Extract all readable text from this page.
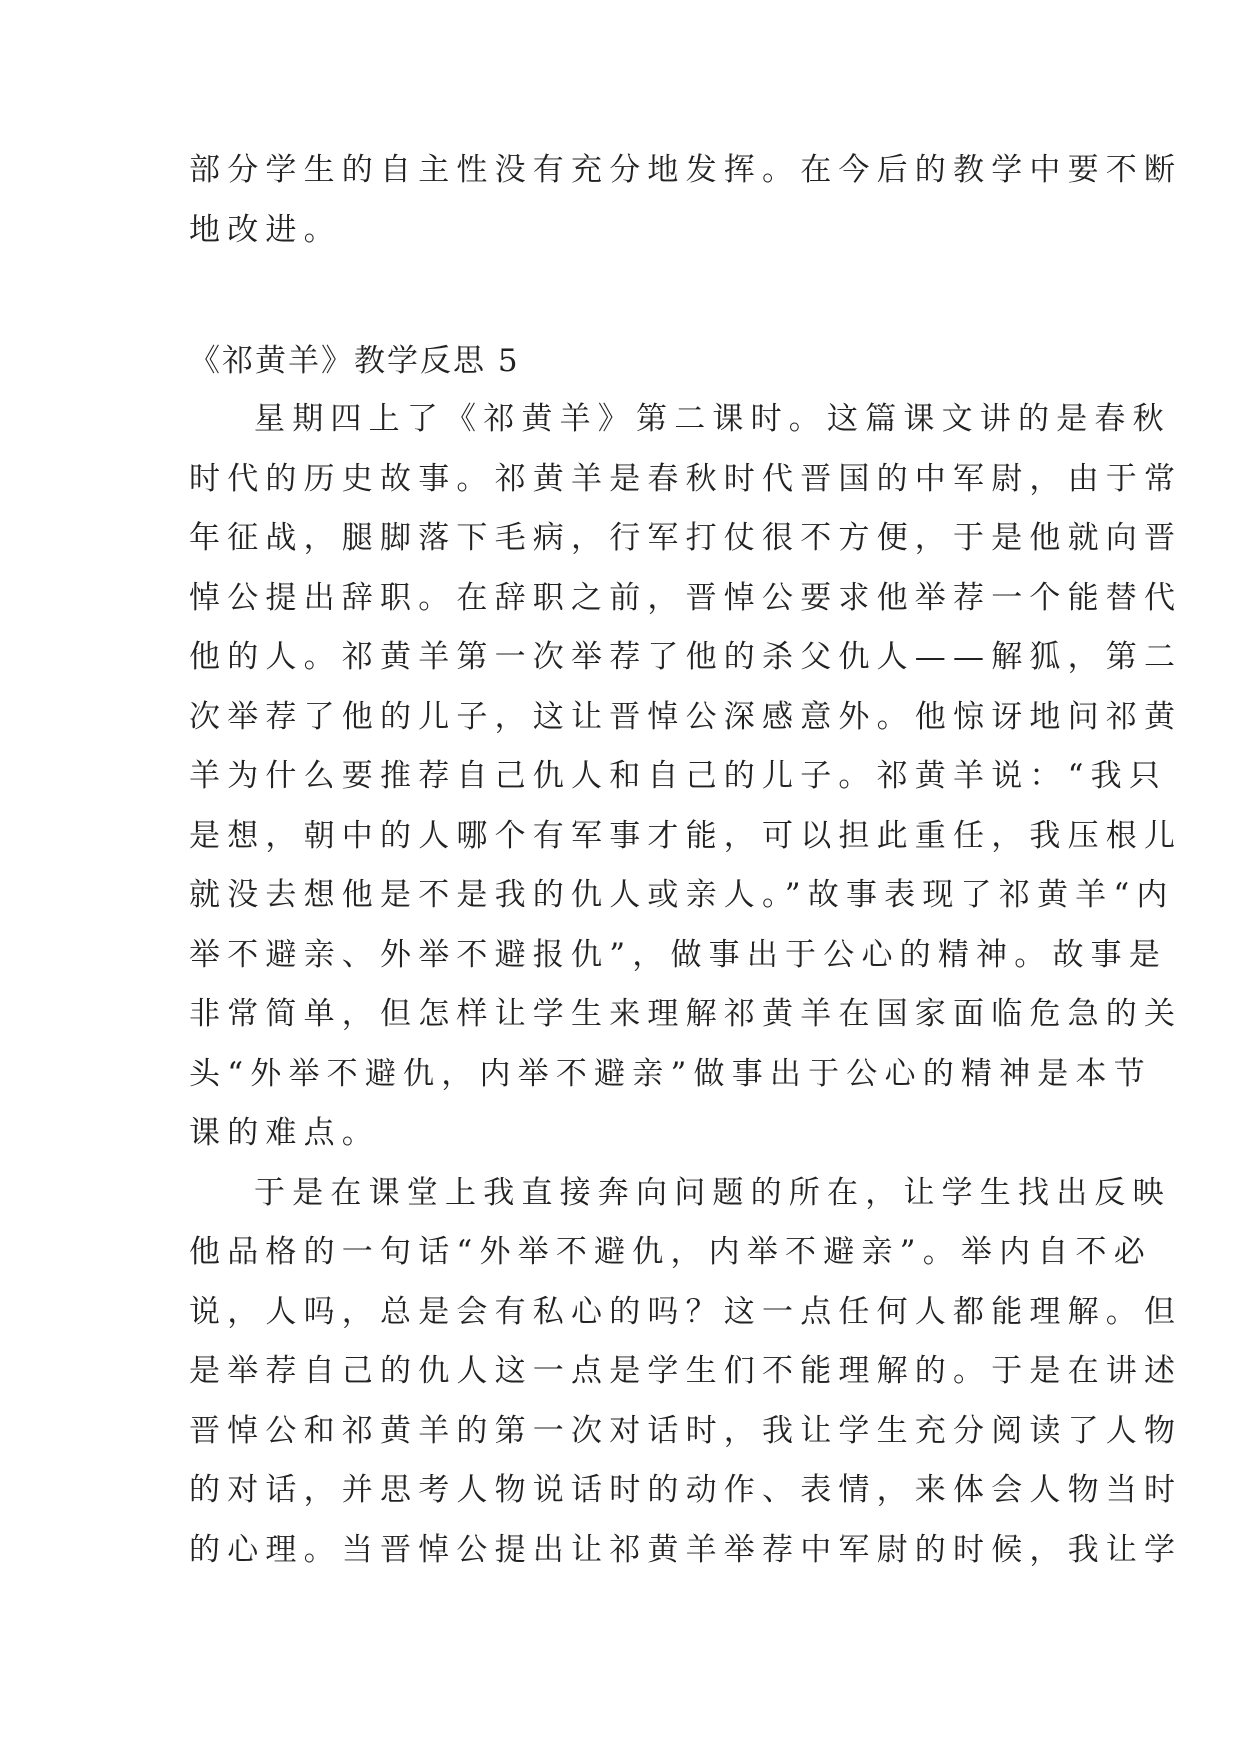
部分学生的自主性没有充分地发挥。在今后的教学中要不断
地改进。
《祁黄羊》教学反思 5
星期四上了《祁黄羊》第二课时。这篇课文讲的是春秋
时代的历史故事。祁黄羊是春秋时代晋国的中军尉，由于常
年征战，腿脚落下毛病，行军打仗很不方便，于是他就向晋
悼公提出辞职。在辞职之前，晋悼公要求他举荐一个能替代
他的人。祁黄羊第一次举荐了他的杀父仇人——解狐，第二
次举荐了他的儿子，这让晋悼公深感意外。他惊讶地问祁黄
羊为什么要推荐自己仇人和自己的儿子。祁黄羊说：“我只
是想，朝中的人哪个有军事才能，可以担此重任，我压根儿
就没去想他是不是我的仇人或亲人。”故事表现了祁黄羊“内
举不避亲、外举不避报仇”，做事出于公心的精神。故事是
非常简单，但怎样让学生来理解祁黄羊在国家面临危急的关
头“外举不避仇，内举不避亲”做事出于公心的精神是本节
课的难点。
于是在课堂上我直接奔向问题的所在，让学生找出反映
他品格的一句话“外举不避仇，内举不避亲”。举内自不必
说，人吗，总是会有私心的吗？这一点任何人都能理解。但
是举荐自己的仇人这一点是学生们不能理解的。于是在讲述
晋悼公和祁黄羊的第一次对话时，我让学生充分阅读了人物
的对话，并思考人物说话时的动作、表情，来体会人物当时
的心理。当晋悼公提出让祁黄羊举荐中军尉的时候，我让学
